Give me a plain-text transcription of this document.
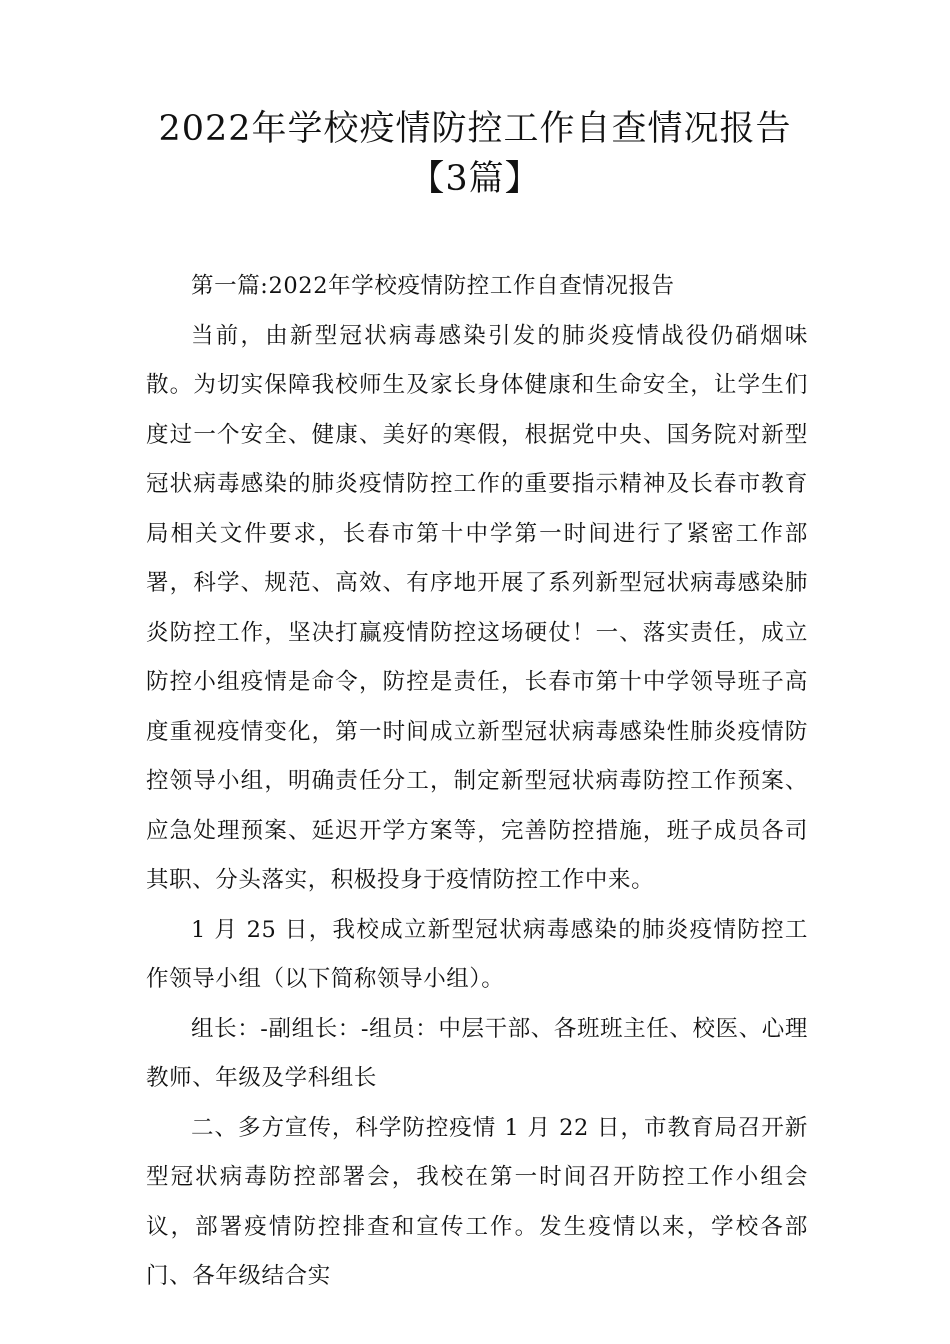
2022年学校疫情防控工作自查情况报告【3篇】

第一篇:2022年学校疫情防控工作自查情况报告

当前，由新型冠状病毒感染引发的肺炎疫情战役仍硝烟味散。为切实保障我校师生及家长身体健康和生命安全，让学生们度过一个安全、健康、美好的寒假，根据党中央、国务院对新型冠状病毒感染的肺炎疫情防控工作的重要指示精神及长春市教育局相关文件要求，长春市第十中学第一时间进行了紧密工作部署，科学、规范、高效、有序地开展了系列新型冠状病毒感染肺炎防控工作，坚决打赢疫情防控这场硬仗！一、落实责任，成立防控小组疫情是命令，防控是责任，长春市第十中学领导班子高度重视疫情变化，第一时间成立新型冠状病毒感染性肺炎疫情防控领导小组，明确责任分工，制定新型冠状病毒防控工作预案、应急处理预案、延迟开学方案等，完善防控措施，班子成员各司其职、分头落实，积极投身于疫情防控工作中来。

1 月 25 日，我校成立新型冠状病毒感染的肺炎疫情防控工作领导小组（以下简称领导小组）。

组长：-副组长：-组员：中层干部、各班班主任、校医、心理教师、年级及学科组长

二、多方宣传，科学防控疫情 1 月 22 日，市教育局召开新型冠状病毒防控部署会，我校在第一时间召开防控工作小组会议，部署疫情防控排查和宣传工作。发生疫情以来，学校各部门、各年级结合实
